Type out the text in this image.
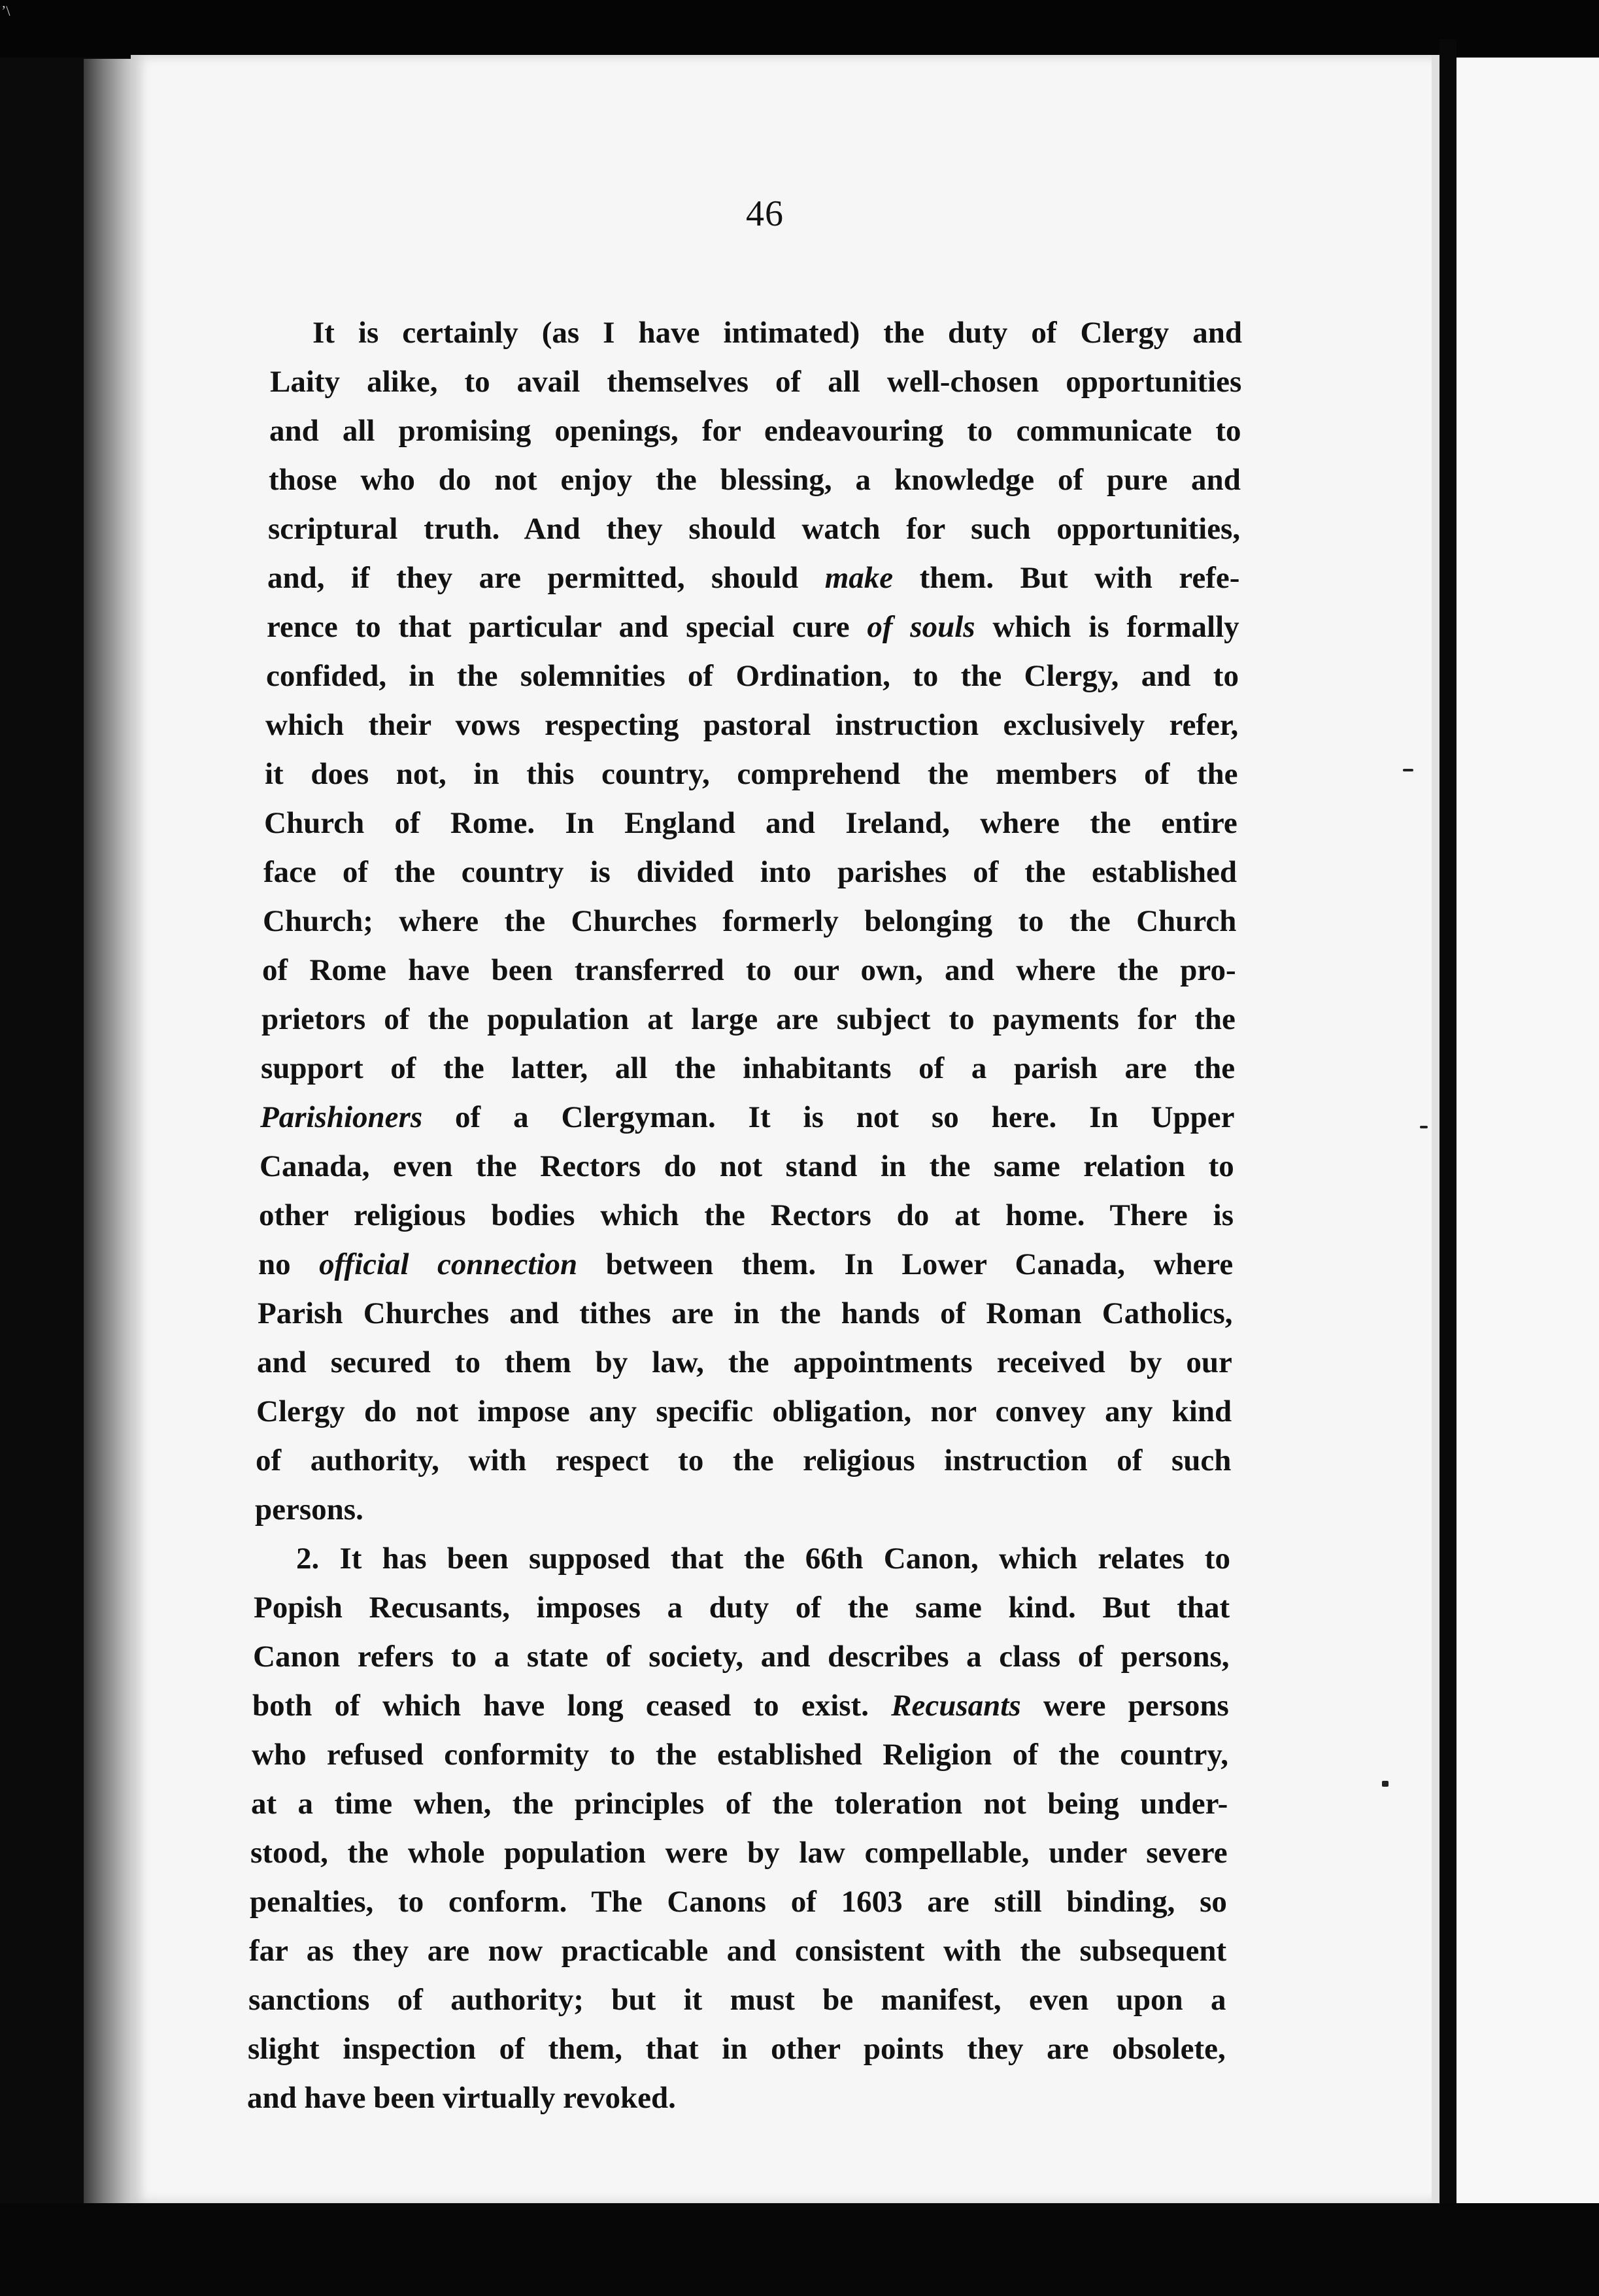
ʼ\
46
It is certainly (as I have intimated) the duty of Clergy and
Laity alike, to avail themselves of all well-chosen opportunities
and all promising openings, for endeavouring to communicate to
those who do not enjoy the blessing, a knowledge of pure and
scriptural truth. And they should watch for such opportunities,
and, if they are permitted, should make them. But with refe-
rence to that particular and special cure of souls which is formally
confided, in the solemnities of Ordination, to the Clergy, and to
which their vows respecting pastoral instruction exclusively refer,
it does not, in this country, comprehend the members of the
Church of Rome. In England and Ireland, where the entire
face of the country is divided into parishes of the established
Church; where the Churches formerly belonging to the Church
of Rome have been transferred to our own, and where the pro-
prietors of the population at large are subject to payments for the
support of the latter, all the inhabitants of a parish are the
Parishioners of a Clergyman. It is not so here. In Upper
Canada, even the Rectors do not stand in the same relation to
other religious bodies which the Rectors do at home. There is
no official connection between them. In Lower Canada, where
Parish Churches and tithes are in the hands of Roman Catholics,
and secured to them by law, the appointments received by our
Clergy do not impose any specific obligation, nor convey any kind
of authority, with respect to the religious instruction of such
persons.
2. It has been supposed that the 66th Canon, which relates to
Popish Recusants, imposes a duty of the same kind. But that
Canon refers to a state of society, and describes a class of persons,
both of which have long ceased to exist. Recusants were persons
who refused conformity to the established Religion of the country,
at a time when, the principles of the toleration not being under-
stood, the whole population were by law compellable, under severe
penalties, to conform. The Canons of 1603 are still binding, so
far as they are now practicable and consistent with the subsequent
sanctions of authority; but it must be manifest, even upon a
slight inspection of them, that in other points they are obsolete,
and have been virtually revoked.
